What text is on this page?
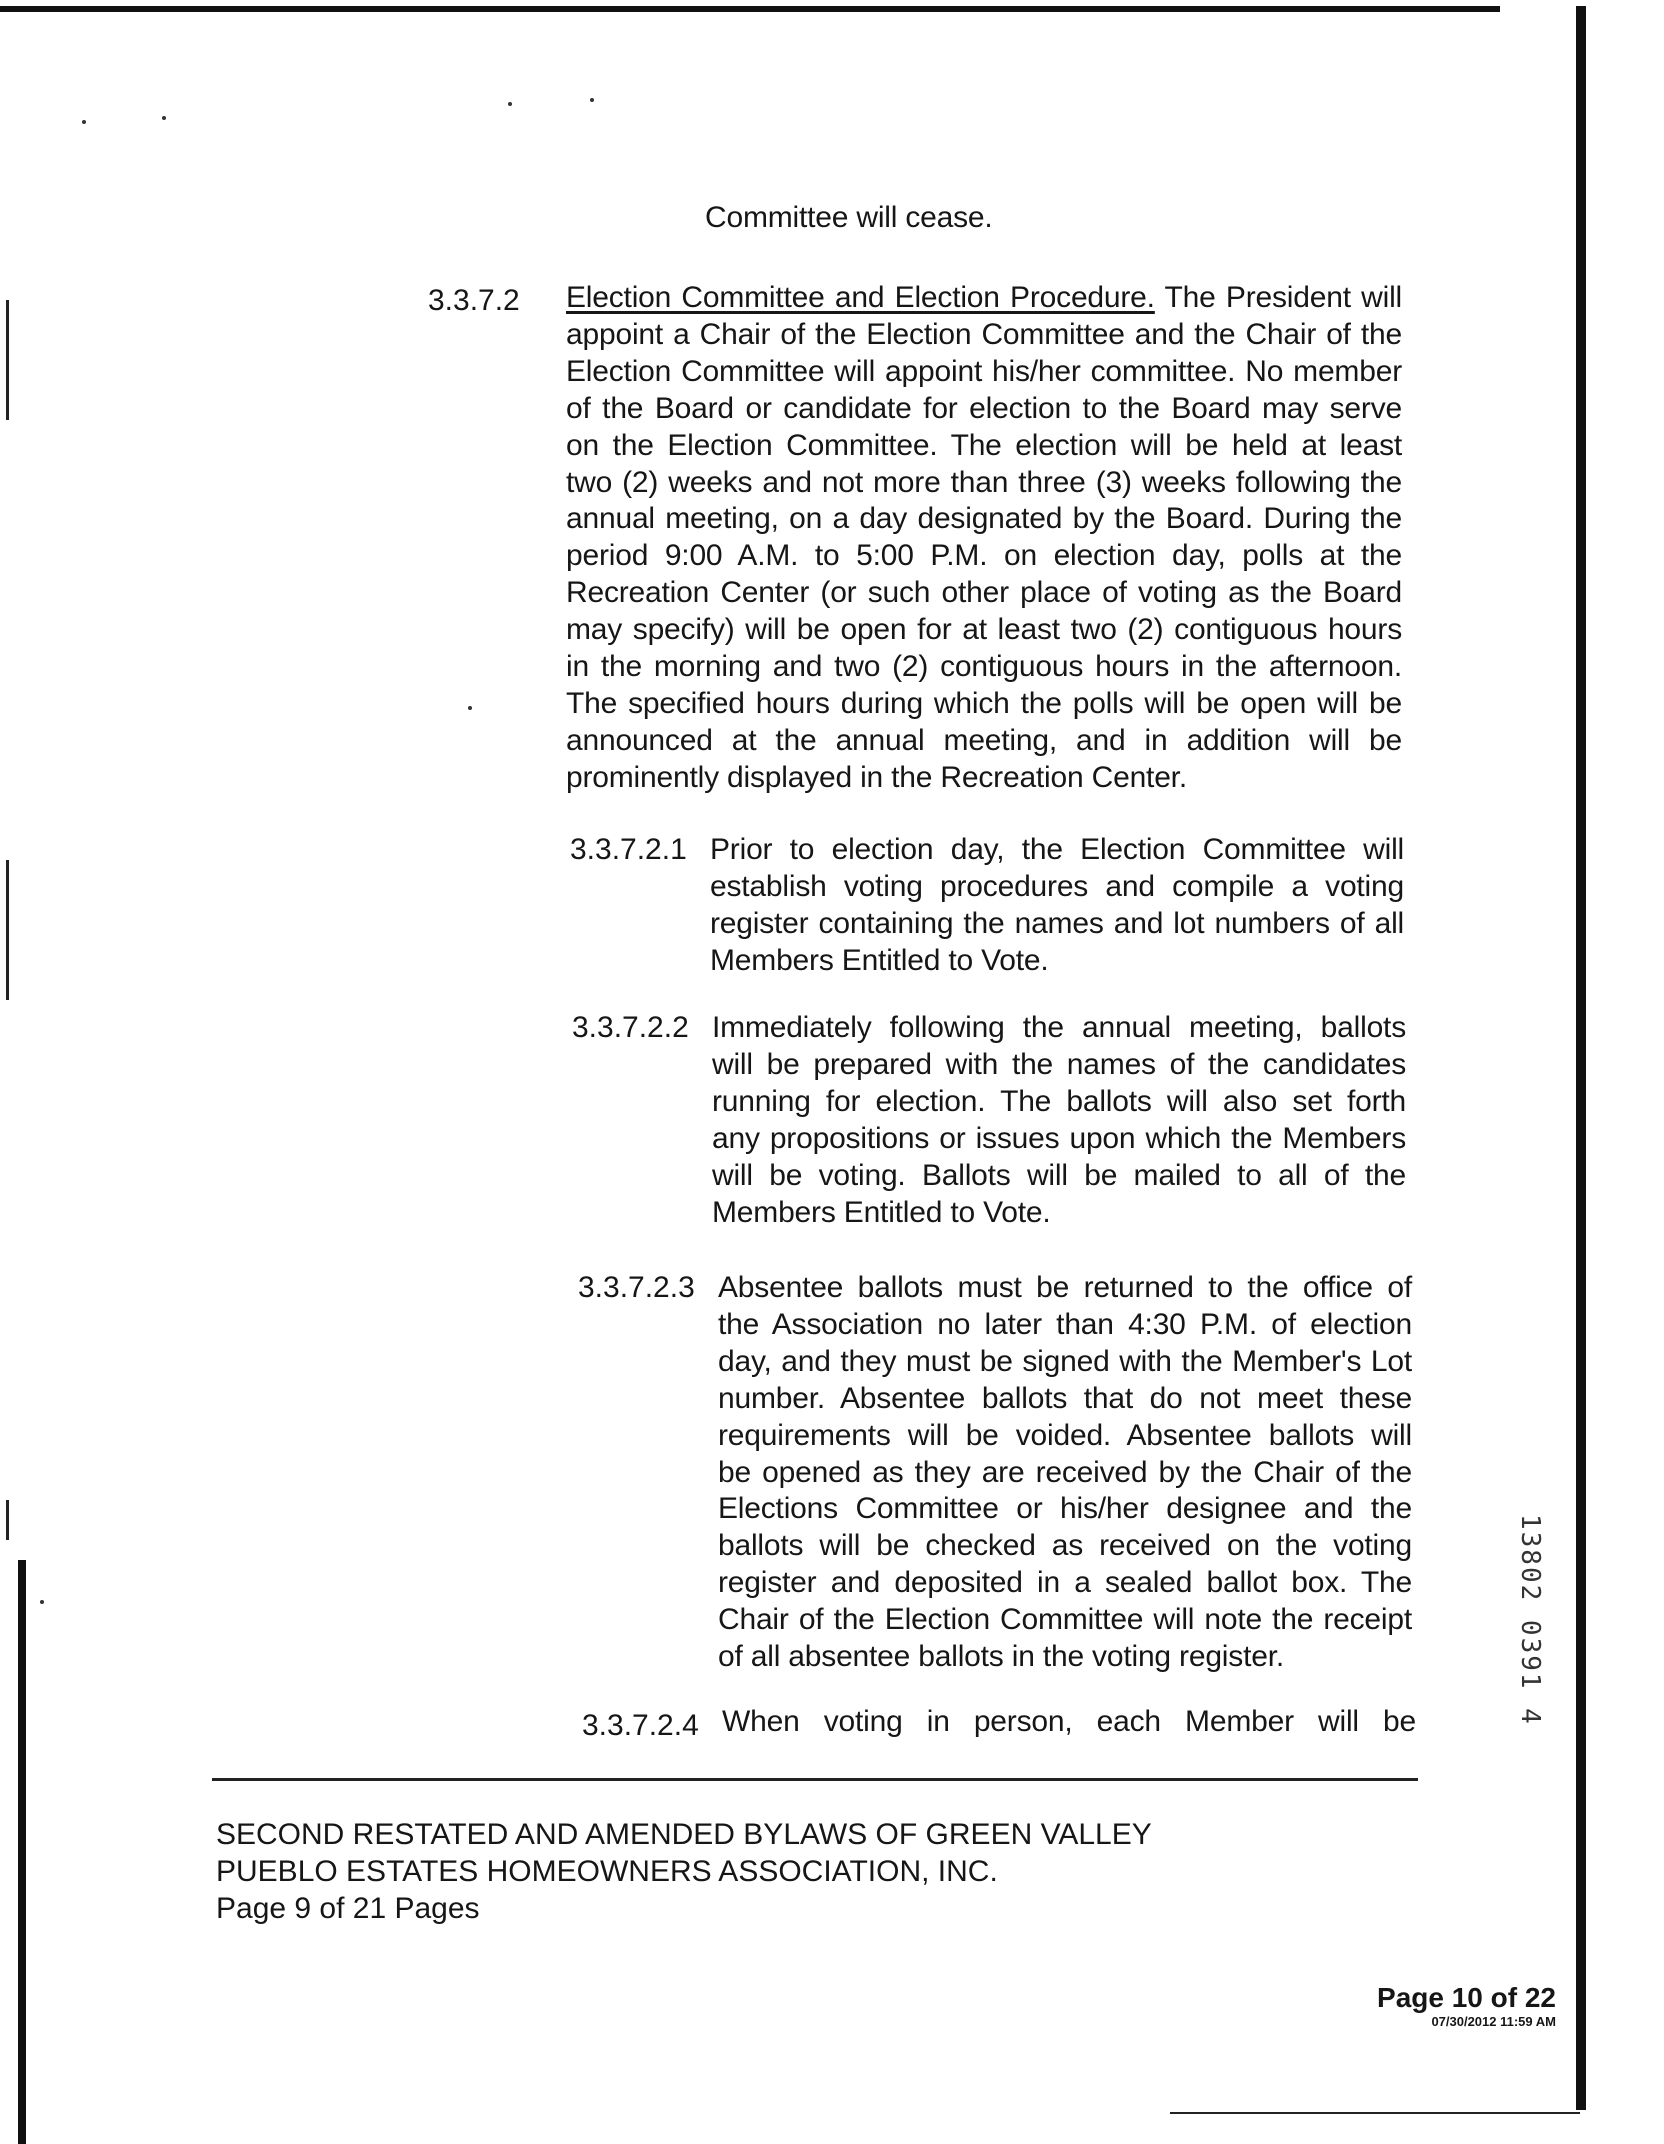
Committee will cease.
3.3.7.2 Election Committee and Election Procedure. The President will
appoint a Chair of the Election Committee and the Chair of the
Election Committee will appoint his/her committee. No member
of the Board or candidate for election to the Board may serve
on the Election Committee. The election will be held at least
two (2) weeks and not more than three (3) weeks following the
annual meeting, on a day designated by the Board. During the
period 9:00 A.M. to 5:00 P.M. on election day, polls at the
Recreation Center (or such other place of voting as the Board
may specify) will be open for at least two (2) contiguous hours
in the morning and two (2) contiguous hours in the afternoon.
The specified hours during which the polls will be open will be
announced at the annual meeting, and in addition will be
prominently displayed in the Recreation Center.
3.3.7.2.1 Prior to election day, the Election Committee will
establish voting procedures and compile a voting
register containing the names and lot numbers of all
Members Entitled to Vote.
3.3.7.2.2 Immediately following the annual meeting, ballots
will be prepared with the names of the candidates
running for election. The ballots will also set forth
any propositions or issues upon which the Members
will be voting. Ballots will be mailed to all of the
Members Entitled to Vote.
3.3.7.2.3 Absentee ballots must be returned to the office of
the Association no later than 4:30 P.M. of election
day, and they must be signed with the Member's Lot
number. Absentee ballots that do not meet these
requirements will be voided. Absentee ballots will
be opened as they are received by the Chair of the
Elections Committee or his/her designee and the
ballots will be checked as received on the voting
register and deposited in a sealed ballot box. The
Chair of the Election Committee will note the receipt
of all absentee ballots in the voting register.
3.3.7.2.4 When voting in person, each Member will be
SECOND RESTATED AND AMENDED BYLAWS OF GREEN VALLEY
PUEBLO ESTATES HOMEOWNERS ASSOCIATION, INC.
Page 9 of 21 Pages
Page 10 of 22
07/30/2012 11:59 AM
13802 0391 4
